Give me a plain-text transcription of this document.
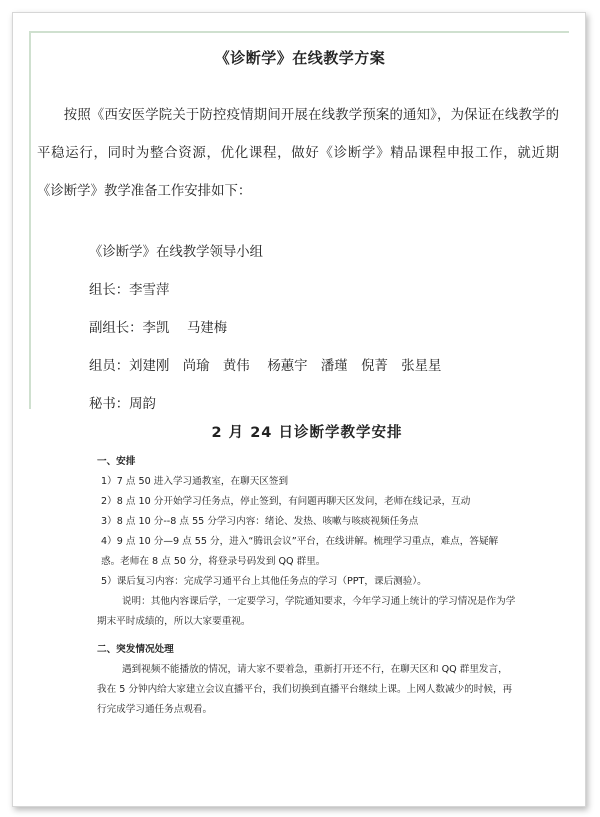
《诊断学》在线教学方案

按照《西安医学院关于防控疫情期间开展在线教学预案的通知》，为保证在线教学的平稳运行，同时为整合资源，优化课程，做好《诊断学》精品课程申报工作，就近期《诊断学》教学准备工作安排如下：

《诊断学》在线教学领导小组
组长：李雪萍
副组长：李凯　 马建梅
组员：刘建刚　尚瑜　黄伟　 杨蕙宇　潘瑾　倪菁　张星星
秘书：周韵
2 月 24 日诊断学教学安排
一、安排

1）7 点 50 进入学习通教室，在聊天区签到

2）8 点 10 分开始学习任务点，停止签到，有问题再聊天区发问，老师在线记录，互动

3）8 点 10 分--8 点 55 分学习内容：绪论、发热、咳嗽与咳痰视频任务点

4）9 点 10 分—9 点 55 分，进入“腾讯会议”平台，在线讲解。梳理学习重点，难点，答疑解惑。老师在 8 点 50 分，将登录号码发到 QQ 群里。

5）课后复习内容：完成学习通平台上其他任务点的学习（PPT，课后测验）。

说明：其他内容课后学，一定要学习，学院通知要求，今年学习通上统计的学习情况是作为学期末平时成绩的，所以大家要重视。

二、突发情况处理

遇到视频不能播放的情况，请大家不要着急，重新打开还不行，在聊天区和 QQ 群里发言，我在 5 分钟内给大家建立会议直播平台，我们切换到直播平台继续上课。上网人数减少的时候，再行完成学习通任务点观看。
